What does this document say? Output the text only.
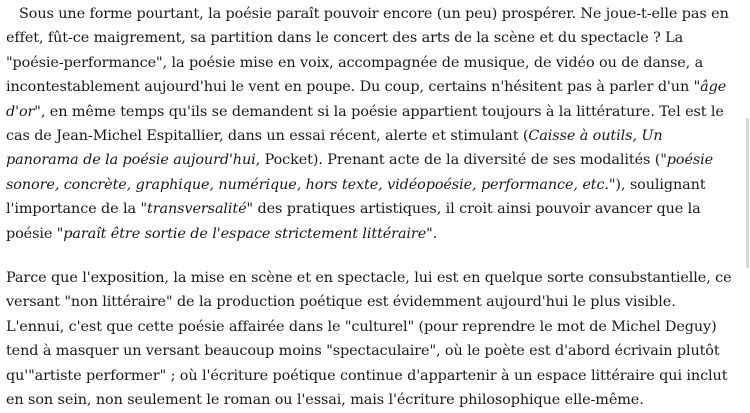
Sous une forme pourtant, la poésie paraît pouvoir encore (un peu) prospérer. Ne joue-t-elle pas en effet, fût-ce maigrement, sa partition dans le concert des arts de la scène et du spectacle ? La "poésie-performance", la poésie mise en voix, accompagnée de musique, de vidéo ou de danse, a incontestablement aujourd'hui le vent en poupe. Du coup, certains n'hésitent pas à parler d'un "âge d'or", en même temps qu'ils se demandent si la poésie appartient toujours à la littérature. Tel est le cas de Jean-Michel Espitallier, dans un essai récent, alerte et stimulant (Caisse à outils, Un panorama de la poésie aujourd'hui, Pocket). Prenant acte de la diversité de ses modalités ("poésie sonore, concrète, graphique, numérique, hors texte, vidéopoésie, performance, etc."), soulignant l'importance de la "transversalité" des pratiques artistiques, il croit ainsi pouvoir avancer que la poésie "paraît être sortie de l'espace strictement littéraire".

Parce que l'exposition, la mise en scène et en spectacle, lui est en quelque sorte consubstantielle, ce versant "non littéraire" de la production poétique est évidemment aujourd'hui le plus visible. L'ennui, c'est que cette poésie affairée dans le "culturel" (pour reprendre le mot de Michel Deguy) tend à masquer un versant beaucoup moins "spectaculaire", où le poète est d'abord écrivain plutôt qu'"artiste performer" ; où l'écriture poétique continue d'appartenir à un espace littéraire qui inclut en son sein, non seulement le roman ou l'essai, mais l'écriture philosophique elle-même.
